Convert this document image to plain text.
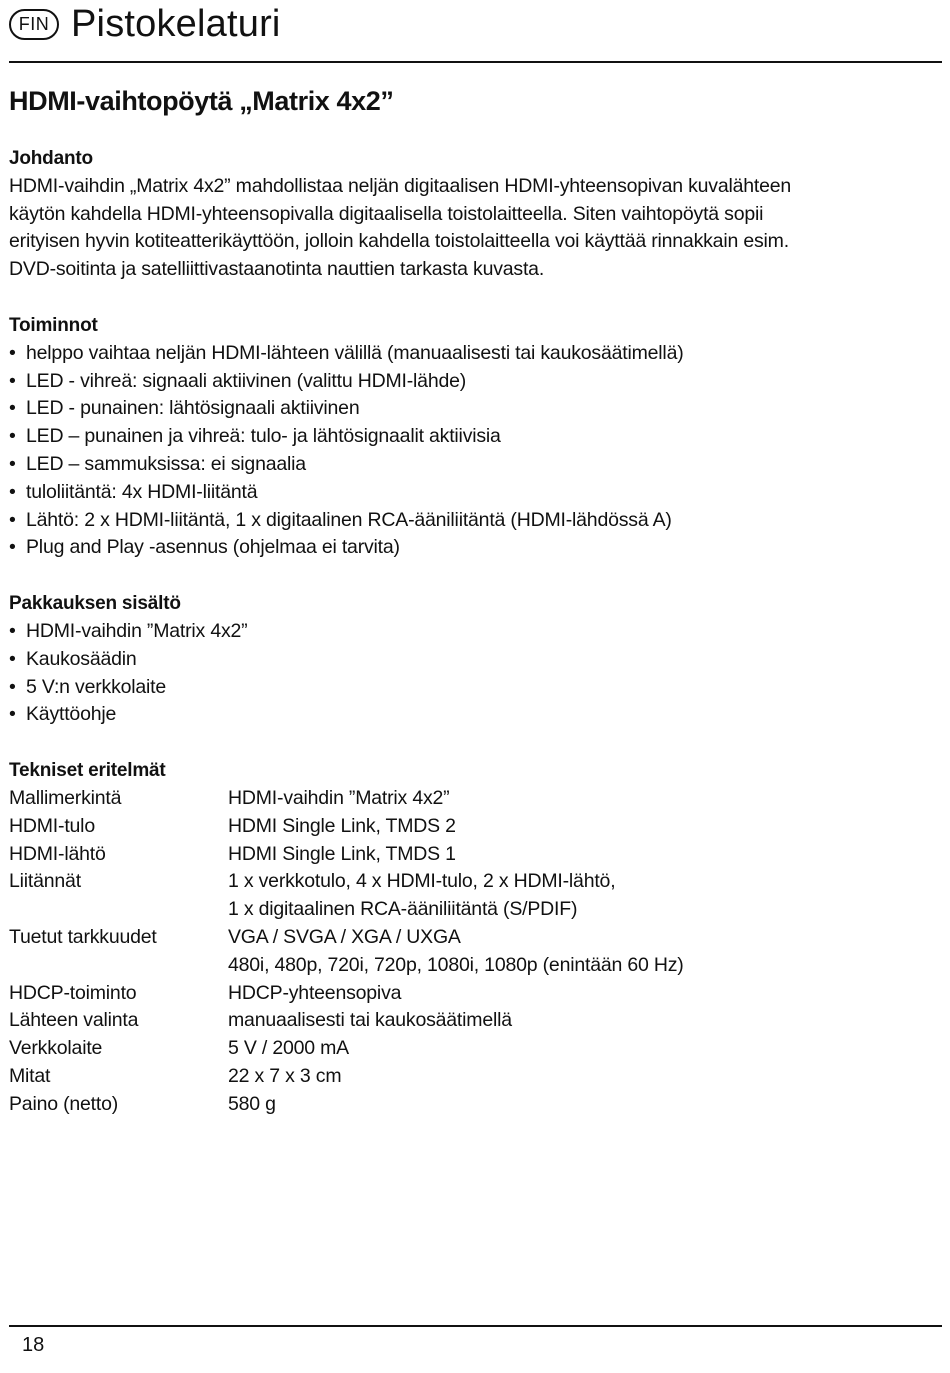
FIN Pistokelaturi
HDMI-vaihtopöytä „Matrix 4x2”
Johdanto
HDMI-vaihdin „Matrix 4x2” mahdollistaa neljän digitaalisen HDMI-yhteensopivan kuvalähteen
käytön kahdella HDMI-yhteensopivalla digitaalisella toistolaitteella. Siten vaihtopöytä sopii
erityisen hyvin kotiteatterikäyttöön, jolloin kahdella toistolaitteella voi käyttää rinnakkain esim.
DVD-soitinta ja satelliittivastaanotinta nauttien tarkasta kuvasta.
Toiminnot
• helppo vaihtaa neljän HDMI-lähteen välillä (manuaalisesti tai kaukosäätimellä)
• LED - vihreä: signaali aktiivinen (valittu HDMI-lähde)
• LED - punainen: lähtösignaali aktiivinen
• LED – punainen ja vihreä: tulo- ja lähtösignaalit aktiivisia
• LED – sammuksissa: ei signaalia
• tuloliitäntä: 4x HDMI-liitäntä
• Lähtö: 2 x HDMI-liitäntä, 1 x digitaalinen RCA-ääniliitäntä (HDMI-lähdössä A)
• Plug and Play -asennus (ohjelmaa ei tarvita)
Pakkauksen sisältö
• HDMI-vaihdin ”Matrix 4x2”
• Kaukosäädin
• 5 V:n verkkolaite
• Käyttöohje
Tekniset eritelmät
Mallimerkintä	HDMI-vaihdin ”Matrix 4x2”
HDMI-tulo	HDMI Single Link, TMDS 2
HDMI-lähtö	HDMI Single Link, TMDS 1
Liitännät	1 x verkkotulo, 4 x HDMI-tulo, 2 x HDMI-lähtö,
1 x digitaalinen RCA-ääniliitäntä (S/PDIF)
Tuetut tarkkuudet	VGA / SVGA / XGA / UXGA
480i, 480p, 720i, 720p, 1080i, 1080p (enintään 60 Hz)
HDCP-toiminto	HDCP-yhteensopiva
Lähteen valinta	manuaalisesti tai kaukosäätimellä
Verkkolaite	5 V / 2000 mA
Mitat	22 x 7 x 3 cm
Paino (netto)	580 g
18
